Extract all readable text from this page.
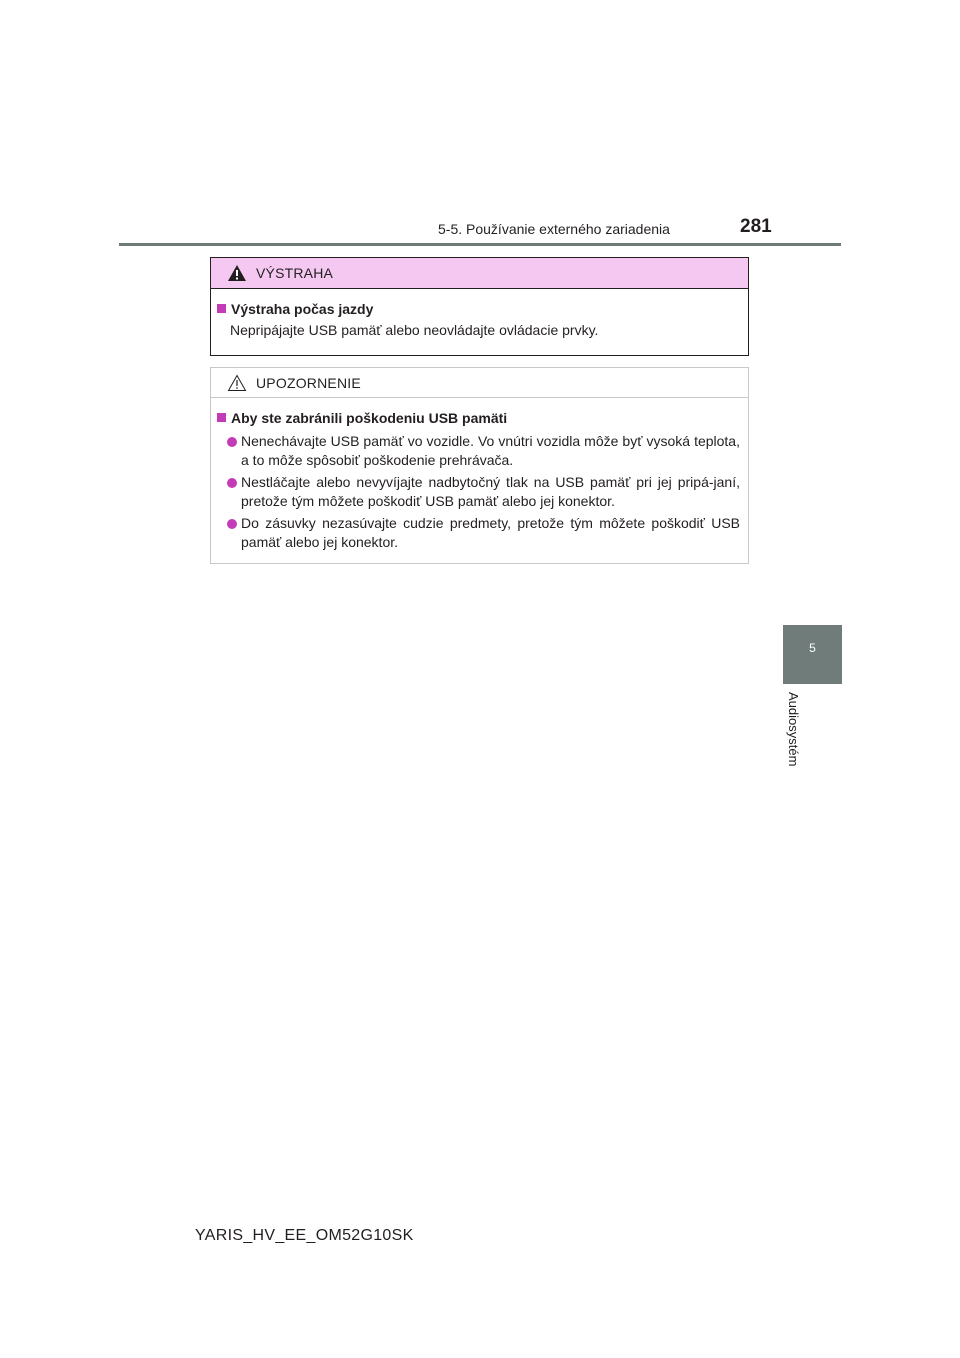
5-5. Používanie externého zariadenia	281
5
Audiosystém
VÝSTRAHA
Výstraha počas jazdy
Nepripájajte USB pamäť alebo neovládajte ovládacie prvky.
UPOZORNENIE
Aby ste zabránili poškodeniu USB pamäti
Nenechávajte USB pamäť vo vozidle. Vo vnútri vozidla môže byť vysoká teplota, a to môže spôsobiť poškodenie prehrávača.
Nestláčajte alebo nevyvíjajte nadbytočný tlak na USB pamäť pri jej pripá-janí, pretože tým môžete poškodiť USB pamäť alebo jej konektor.
Do zásuvky nezasúvajte cudzie predmety, pretože tým môžete poškodiť USB pamäť alebo jej konektor.
YARIS_HV_EE_OM52G10SK
